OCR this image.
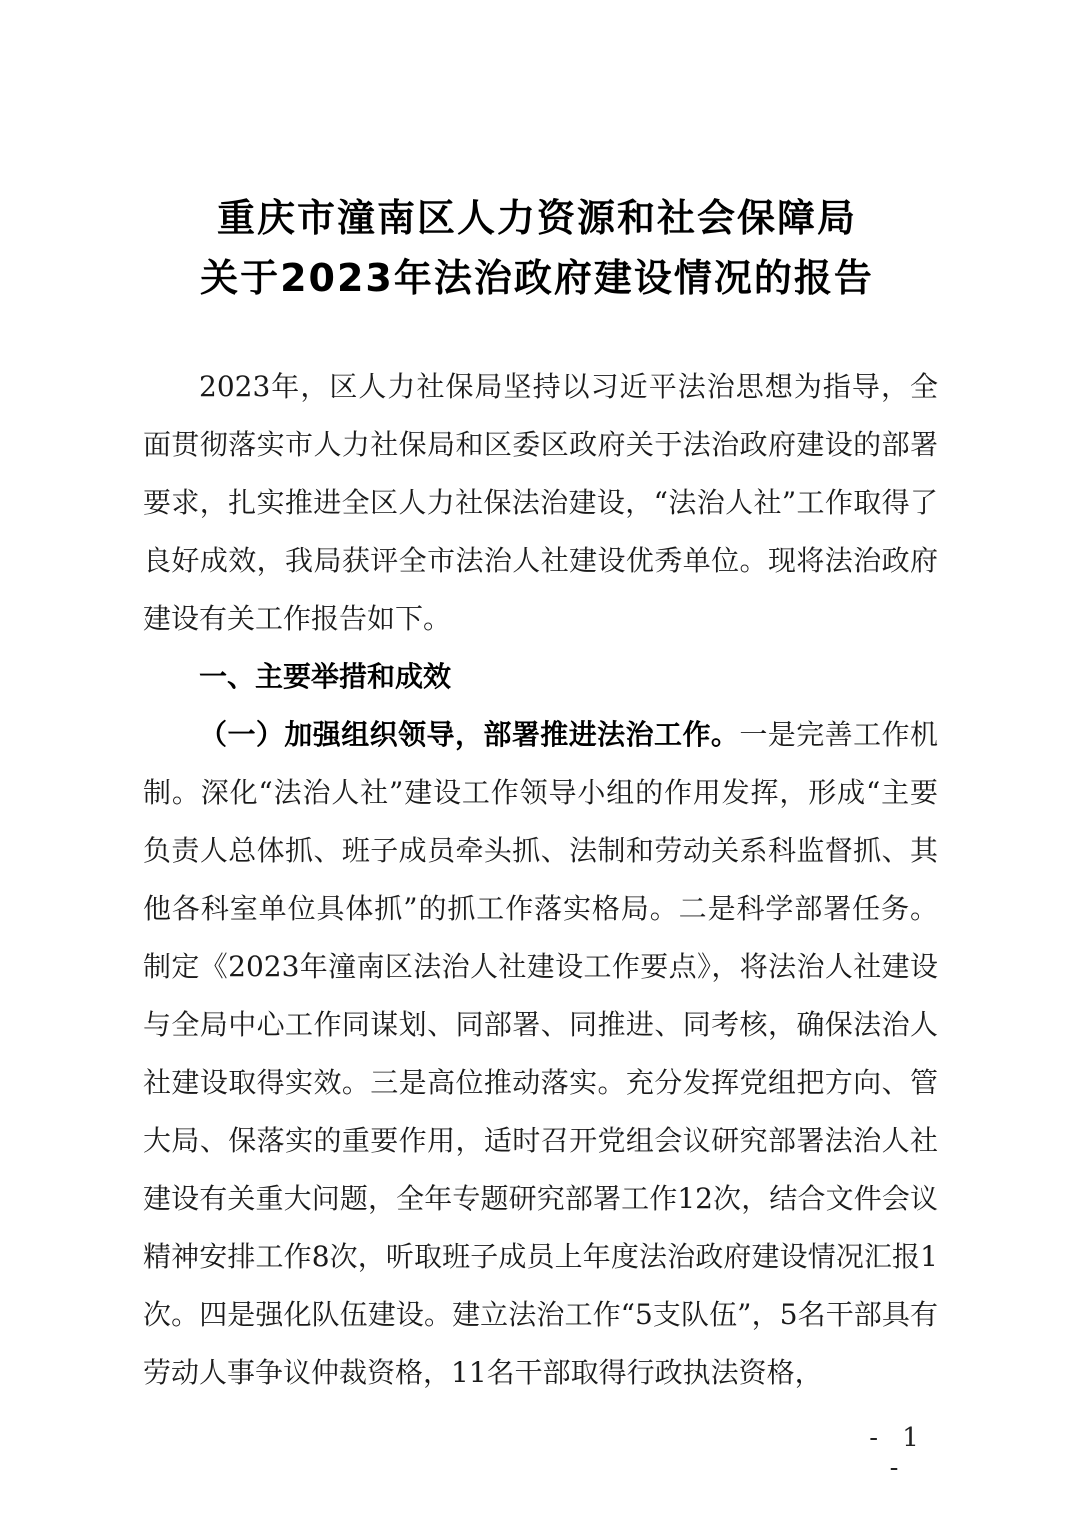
重庆市潼南区人力资源和社会保障局
关于2023年法治政府建设情况的报告

2023年，区人力社保局坚持以习近平法治思想为指导，全面贯彻落实市人力社保局和区委区政府关于法治政府建设的部署要求，扎实推进全区人力社保法治建设，“法治人社”工作取得了良好成效，我局获评全市法治人社建设优秀单位。现将法治政府建设有关工作报告如下。

一、主要举措和成效

（一）加强组织领导，部署推进法治工作。一是完善工作机制。深化“法治人社”建设工作领导小组的作用发挥，形成“主要负责人总体抓、班子成员牵头抓、法制和劳动关系科监督抓、其他各科室单位具体抓”的抓工作落实格局。二是科学部署任务。制定《2023年潼南区法治人社建设工作要点》，将法治人社建设与全局中心工作同谋划、同部署、同推进、同考核，确保法治人社建设取得实效。三是高位推动落实。充分发挥党组把方向、管大局、保落实的重要作用，适时召开党组会议研究部署法治人社建设有关重大问题，全年专题研究部署工作12次，结合文件会议精神安排工作8次，听取班子成员上年度法治政府建设情况汇报1次。四是强化队伍建设。建立法治工作“5支队伍”，5名干部具有劳动人事争议仲裁资格，11名干部取得行政执法资格，

- 1 -
